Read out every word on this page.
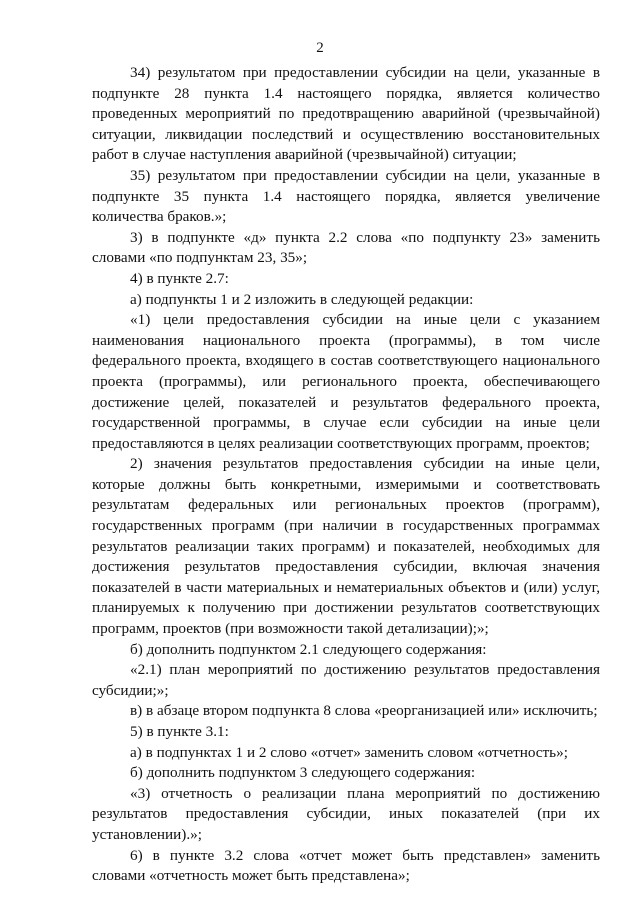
2

34) результатом при предоставлении субсидии на цели, указанные в подпункте 28 пункта 1.4 настоящего порядка, является количество проведенных мероприятий по предотвращению аварийной (чрезвычайной) ситуации, ликвидации последствий и осуществлению восстановительных работ в случае наступления аварийной (чрезвычайной) ситуации;

35) результатом при предоставлении субсидии на цели, указанные в подпункте 35 пункта 1.4 настоящего порядка, является увеличение количества браков.»;

3) в подпункте «д» пункта 2.2 слова «по подпункту 23» заменить словами «по подпунктам 23, 35»;

4) в пункте 2.7:

а) подпункты 1 и 2 изложить в следующей редакции:

«1) цели предоставления субсидии на иные цели с указанием наименования национального проекта (программы), в том числе федерального проекта, входящего в состав соответствующего национального проекта (программы), или регионального проекта, обеспечивающего достижение целей, показателей и результатов федерального проекта, государственной программы, в случае если субсидии на иные цели предоставляются в целях реализации соответствующих программ, проектов;

2) значения результатов предоставления субсидии на иные цели, которые должны быть конкретными, измеримыми и соответствовать результатам федеральных или региональных проектов (программ), государственных программ (при наличии в государственных программах результатов реализации таких программ) и показателей, необходимых для достижения результатов предоставления субсидии, включая значения показателей в части материальных и нематериальных объектов и (или) услуг, планируемых к получению при достижении результатов соответствующих программ, проектов (при возможности такой детализации);»;

б) дополнить подпунктом 2.1 следующего содержания:

«2.1) план мероприятий по достижению результатов предоставления субсидии;»;

в) в абзаце втором подпункта 8 слова «реорганизацией или» исключить;

5) в пункте 3.1:

а) в подпунктах 1 и 2 слово «отчет» заменить словом «отчетность»;

б) дополнить подпунктом 3 следующего содержания:

«3) отчетность о реализации плана мероприятий по достижению результатов предоставления субсидии, иных показателей (при их установлении).»;

6) в пункте 3.2 слова «отчет может быть представлен» заменить словами «отчетность может быть представлена»;
